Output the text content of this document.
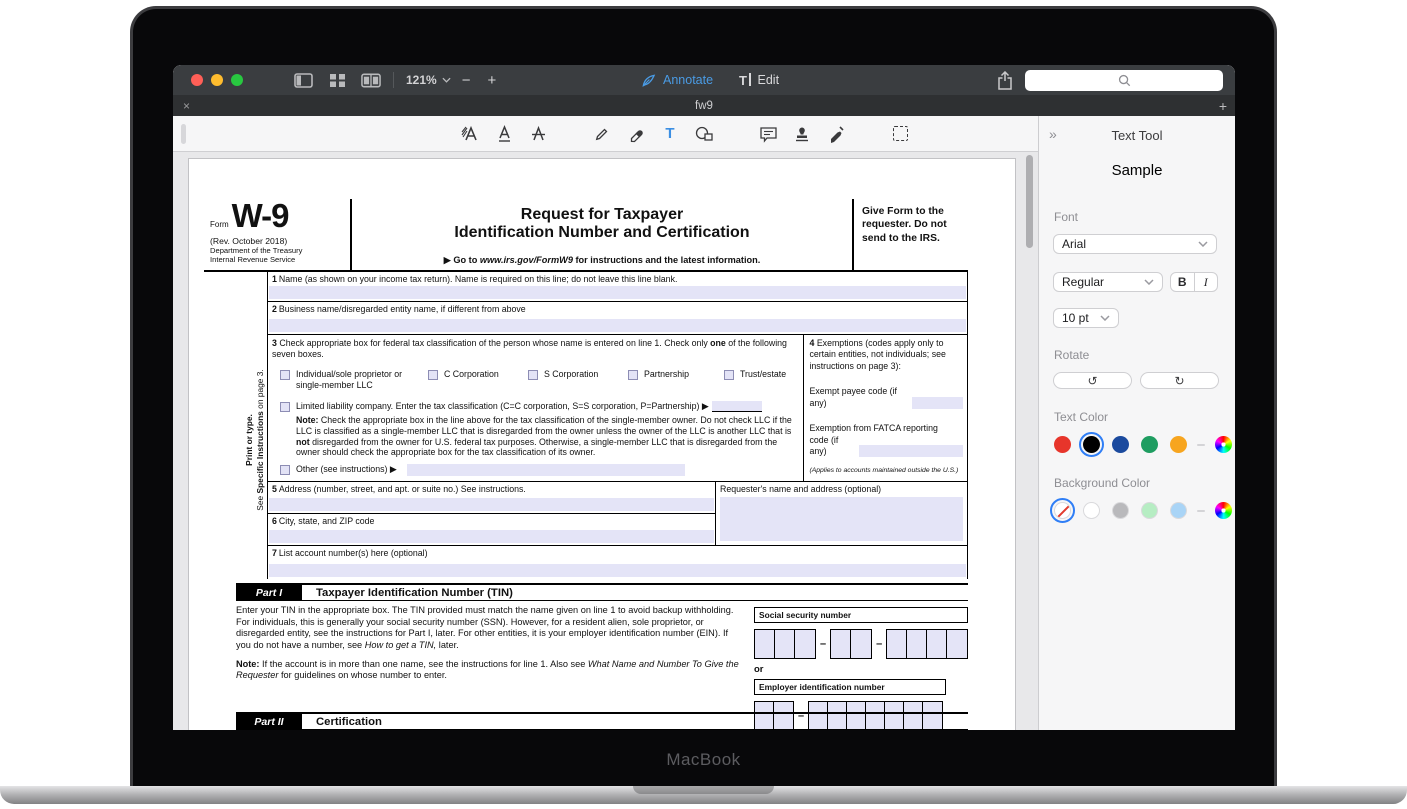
MacBook
121%	−	+	Annotate T Edit
×	fw9	+
T
FormW-9
(Rev. October 2018)
Department of the Treasury
Internal Revenue Service
Request for Taxpayer
Identification Number and Certification
▶ Go to www.irs.gov/FormW9 for instructions and the latest information.
Give Form to the
requester. Do not
send to the IRS.
Print or type.
See Specific Instructions on page 3.
1 Name (as shown on your income tax return). Name is required on this line; do not leave this line blank.
2 Business name/disregarded entity name, if different from above
3 Check appropriate box for federal tax classification of the person whose name is entered on line 1. Check only one of the following seven boxes.
Individual/sole proprietor or
single-member LLC
C Corporation	S Corporation	Partnership	Trust/estate
Limited liability company. Enter the tax classification (C=C corporation, S=S corporation, P=Partnership) ▶
Note: Check the appropriate box in the line above for the tax classification of the single-member owner. Do not check LLC if the LLC is classified as a single-member LLC that is disregarded from the owner unless the owner of the LLC is another LLC that is not disregarded from the owner for U.S. federal tax purposes. Otherwise, a single-member LLC that is disregarded from the owner should check the appropriate box for the tax classification of its owner.
Other (see instructions) ▶
4 Exemptions (codes apply only to certain entities, not individuals; see instructions on page 3):
Exempt payee code (if any)
Exemption from FATCA reporting
code (if any)
(Applies to accounts maintained outside the U.S.)
5 Address (number, street, and apt. or suite no.) See instructions.
6 City, state, and ZIP code
Requester's name and address (optional)
7 List account number(s) here (optional)
Part I	Taxpayer Identification Number (TIN)
Enter your TIN in the appropriate box. The TIN provided must match the name given on line 1 to avoid backup withholding. For individuals, this is generally your social security number (SSN). However, for a resident alien, sole proprietor, or disregarded entity, see the instructions for Part I, later. For other entities, it is your employer identification number (EIN). If you do not have a number, see How to get a TIN, later.
Note: If the account is in more than one name, see the instructions for line 1. Also see What Name and Number To Give the Requester for guidelines on whose number to enter.
Social security number
–	–
or
Employer identification number
–
Part II	Certification
»	Text Tool
Sample
Font
Arial
Regular	B	I
10 pt
Rotate
↺	↻
Text Color
Background Color
